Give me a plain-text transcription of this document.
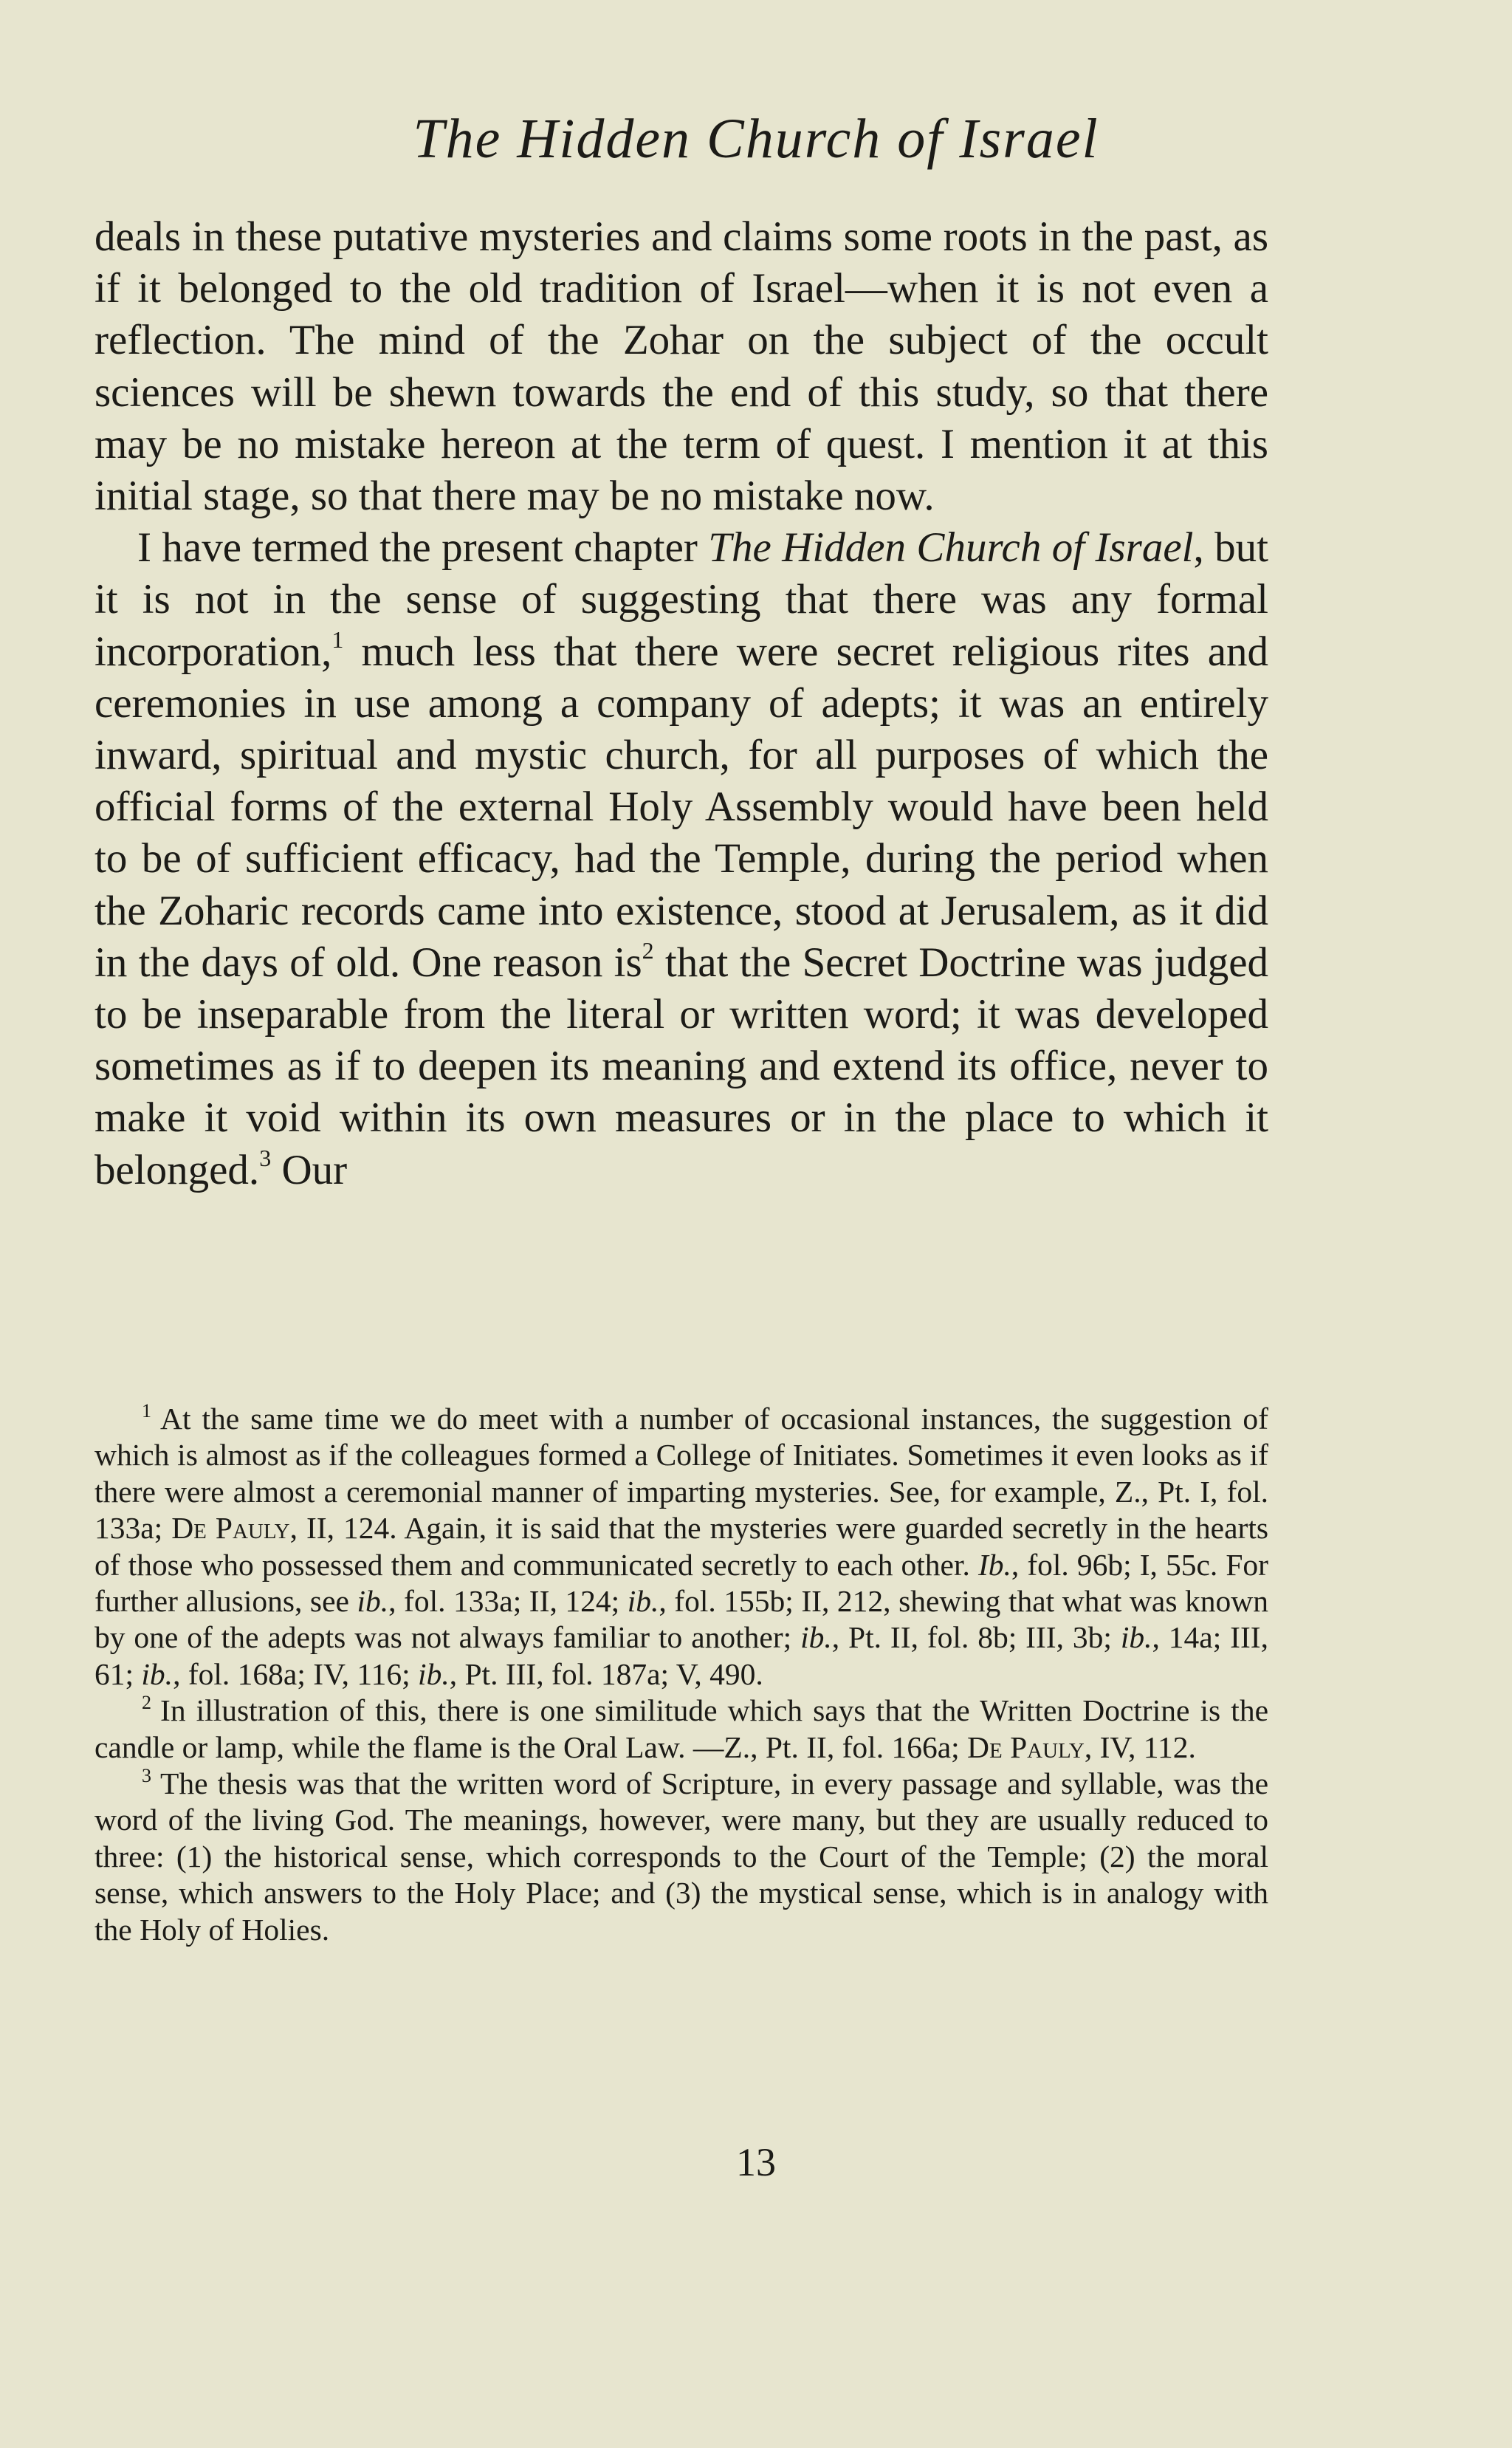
The Hidden Church of Israel

deals in these putative mysteries and claims some roots in the past, as if it belonged to the old tradition of Israel—when it is not even a reflection. The mind of the Zohar on the subject of the occult sciences will be shewn towards the end of this study, so that there may be no mistake hereon at the term of quest. I mention it at this initial stage, so that there may be no mistake now.

I have termed the present chapter The Hidden Church of Israel, but it is not in the sense of suggesting that there was any formal incorporation,$^1$ much less that there were secret religious rites and ceremonies in use among a company of adepts; it was an entirely inward, spiritual and mystic church, for all purposes of which the official forms of the external Holy Assembly would have been held to be of sufficient efficacy, had the Temple, during the period when the Zoharic records came into existence, stood at Jerusalem, as it did in the days of old. One reason is$^2$ that the Secret Doctrine was judged to be inseparable from the literal or written word; it was developed sometimes as if to deepen its meaning and extend its office, never to make it void within its own measures or in the place to which it belonged.$^3$ Our

$^1$ At the same time we do meet with a number of occasional instances, the suggestion of which is almost as if the colleagues formed a College of Initiates. Sometimes it even looks as if there were almost a ceremonial manner of imparting mysteries. See, for example, Z., Pt. I, fol. 133a; De Pauly, II, 124. Again, it is said that the mysteries were guarded secretly in the hearts of those who possessed them and communicated secretly to each other. Ib., fol. 96b; I, 55c. For further allusions, see ib., fol. 133a; II, 124; ib., fol. 155b; II, 212, shewing that what was known by one of the adepts was not always familiar to another; ib., Pt. II, fol. 8b; III, 3b; ib., 14a; III, 61; ib., fol. 168a; IV, 116; ib., Pt. III, fol. 187a; V, 490.

$^2$ In illustration of this, there is one similitude which says that the Written Doctrine is the candle or lamp, while the flame is the Oral Law. —Z., Pt. II, fol. 166a; De Pauly, IV, 112.

$^3$ The thesis was that the written word of Scripture, in every passage and syllable, was the word of the living God. The meanings, however, were many, but they are usually reduced to three: (1) the historical sense, which corresponds to the Court of the Temple; (2) the moral sense, which answers to the Holy Place; and (3) the mystical sense, which is in analogy with the Holy of Holies.

13
